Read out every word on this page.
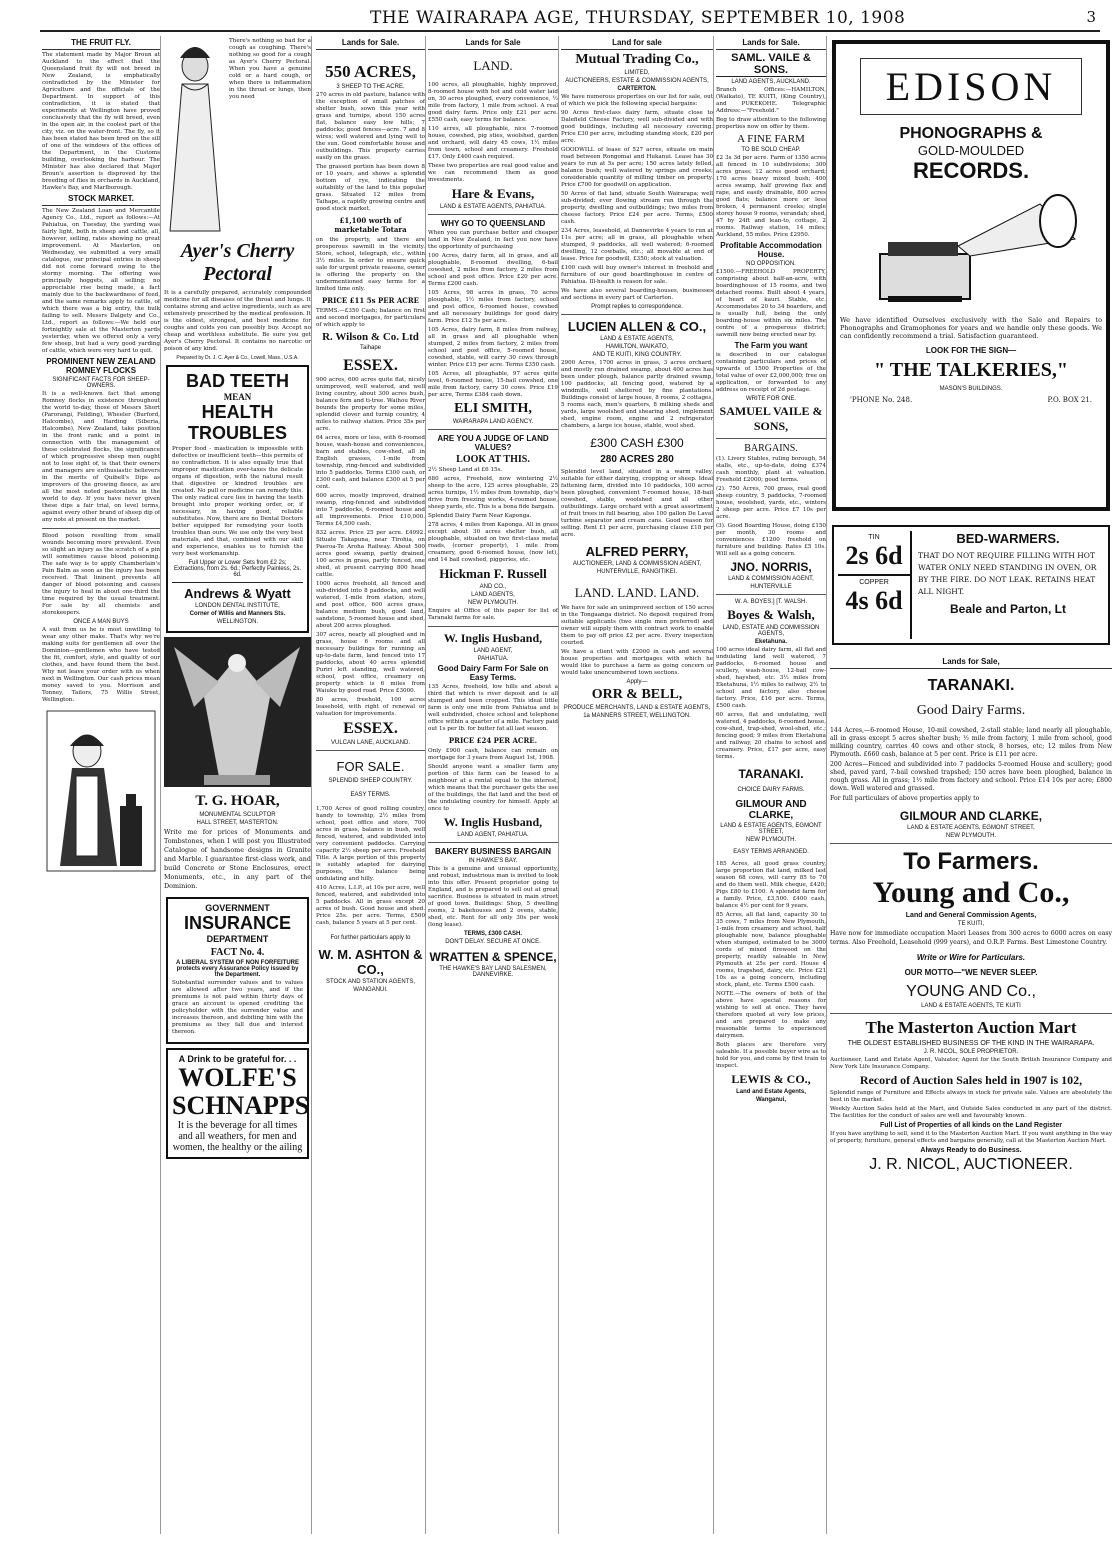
THE WAIRARAPA AGE, THURSDAY, SEPTEMBER 10, 1908	3
THE FRUIT FLY.
The statement made by Major Broun at Auckland to the effect that the Queensland fruit fly will not breed in New Zealand, is emphatically contradicted by the Minister for Agriculture and the officials of the Department. In support of this contradiction, it is stated that experiments at Wellington have proved conclusively that the fly will breed, even in the open air, in the coolest part of the city, viz. on the water-front. The fly, so it has been stated has been bred on the sill of one of the windows of the offices of the Department, in the Customs building, overlooking the harbour. The Minister has also declared that Major Broun's assertion is disproved by the breeding of flies in orchards in Auckland, Hawke's Bay, and Marlborough.
STOCK MARKET.
The New Zealand Loan and Mercantile Agency Co., Ltd., report as follows:—At Pahiatua, on Tuesday, the yarding was fairly light, both in sheep and cattle, all, however, selling, rates showing no great improvement. At Masterton, on Wednesday, we submitted a very small catalogue, our principal entries in sheep did not come forward owing to the stormy morning. The offering was principally hoggets, all selling; no appreciable rise being made, a fact mainly due to the backwardness of feed, and the same remarks apply to cattle, of which there was a big entry, the bulk failing to sell. Messrs Dalgety and Co., Ltd., report as follows:—We held our fortnightly sale at the Masterton yards yesterday, when we offered only a very few sheep, but had a very good yarding of cattle, which were very hard to quit.
PROMINENT NEW ZEALAND ROMNEY FLOCKS
SIGNIFICANT FACTS FOR SHEEP-OWNERS.
It is a well-known fact that among Romney flocks in existence throughout the world to-day, those of Messrs Short (Parorangi, Feilding), Wheeler (Burford, Halcombe), and Harding (Siberia, Halcombe), New Zealand, take position in the front rank; and a point in connection with the management of these celebrated flocks, the significance of which progressive sheep men ought not to lose sight of, is that their owners and managers are enthusiastic believers in the merits of Quibell's Dips as improvers of the growing fleece, as are all the most noted pastoralists in the world to day. If you have never given these dips a fair trial, on level terms, against every other brand of sheep dip of any note at present on the market.
Blood poison resulting from small wounds becoming more prevalent. Even so slight an injury as the scratch of a pin will sometimes cause blood poisoning. The safe way is to apply Chamberlain's Pain Balm as soon as the injury has been received. That lininent prevents all danger of blood poisoning and causes the injury to heal in about one-third the time required by the usual treatment. For sale by all chemists and storekeepers.
ONCE A MAN BUYS
A suit from us he is most unwilling to wear any other make. That's why we're making suits for gentlemen all over the Dominion—gentlemen who have tested the fit, comfort, style, and quality of our clothes, and have found them the best. Why not leave your order with us when next in Wellington. Our cash prices mean money saved to you. Morrison and Tonney, Tailors, 75 Willis Street, Wellington.
There's nothing so bad for a cough as coughing. There's nothing so good for a cough as Ayer's Cherry Pectoral. When you have a genuine cold or a hard cough, or when there is inflammation in the throat or lungs, then you need
Ayer's Cherry Pectoral
It is a carefully prepared, accurately compounded medicine for all diseases of the throat and lungs. It contains strong and active ingredients, such as are extensively prescribed by the medical profession. It is the oldest, strongest, and best medicine for coughs and colds you can possibly buy. Accept no cheap and worthless substitute. Be sure you get Ayer's Cherry Pectoral. It contains no narcotic or poison of any kind.
Prepared by Dr. J. C. Ayer & Co., Lowell, Mass., U.S.A.
BAD TEETH
MEAN
HEALTH
TROUBLES
Proper food - mastication is impossible with defective or insufficient teeth—this permits of no contradiction. It is also equally true that improper mastication over-taxes the delicate organs of digestion, with the natural result that digestive or kindred troubles are created. No pull or medicine can remedy this. The only radical cure lies in having the teeth brought into proper working order, or, if necessary, in having good, reliable substitutes. Now, there are no Dental Doctors better equipped for remedying your tooth troubles than ours. We use only the very best materials, and that, combined with our skill and experience, enables us to furnish the very best workmanship.
Full Upper or Lower Sets from £2 2s; Extractions, from 2s. 6d.; Perfectly Painless, 2s. 6d.
Andrews & Wyatt
LONDON DENTAL INSTITUTE,
Corner of Willis and Manners Sts.
WELLINGTON.
T. G. HOAR,
MONUMENTAL SCULPTOR
HALL STREET, MASTERTON.
Write me for prices of Monuments and Tombstones, when I will post you Illustrated Catalogue of handsome designs in Granite and Marble. I guarantee first-class work, and build Concrete or Stone Enclosures, erect Monuments, etc., in any part of the Dominion.
GOVERNMENT
INSURANCE
DEPARTMENT
FACT No. 4.
A LIBERAL SYSTEM OF NON FORFEITURE protects every Assurance Policy issued by the Department.
Substantial surrender values and to values are allowed after two years, and if the premiums is not paid within thirty days of grace an account is opened crediting the policyholder with the surrender value and increases thereon, and debiting him with the premiums as they fall due and interest thereon.
A Drink to be grateful for. . .
WOLFE'S SCHNAPPS
It is the beverage for all times and all weathers, for men and women, the healthy or the ailing
Lands for Sale.
550 ACRES,
3 SHEEP TO THE ACRE.
270 acres in old pasture, balance with the exception of small patches of shelter bush, sown this year with grass and turnips, about 150 acres flat, balance easy low hills; 7 paddocks; good fences—acre. 7 and 8 wires; well watered and lying well to the sun. Good comfortable house and outbuildings. This property carries easily on the grass.
The grassed portion has been down 8 or 10 years, and shows a splendid bottom of rye, indicating the suitability of the land to this popular grass. Situated 12 miles from Taihape, a rapidly growing centre and good stock market.
£1,100 worth of marketable Totara
on the property, and there are prosperous sawmill in the vicinity. Store, school, telegraph, etc., within 3½ miles. In order to ensure quick sale for urgent private reasons, owner is offering the property on the undermentioned easy terms for a limited time only.
PRICE £11 5s PER ACRE
TERMS.—£350 Cash; balance on first and second mortgages, for particulars of which apply to
R. Wilson & Co. Ltd
Taihape
ESSEX.
900 acres, 600 acres quite flat, nicely unimproved, well watered, and well living country, about 300 acres bush, balance fern and ti-tree. Waihou River bounds the property for some miles, splendid clover and turnip country, 4 miles to railway station. Price 35s per acre.
64 acres, more or less, with 6-roomed house, wash-house and conveniences, barn and stables, cow-shed, all in English grasses, 1-mile from township, ring-fenced and subdivided into 5 paddocks. Terms £300 cash, or £300 cash, and balance £300 at 5 per cent.
600 acres, mostly improved, drained swamp, ring-fenced and subdivided into 7 paddocks, 6-roomed house and all improvements. Price £10,000. Terms £4,500 cash.
832 acres. Price 25 per acre. £4992. Situate Takapuna, near Tirohia, on Paeroa-Te Aroha Railway. About 500 acres good swamp, partly drained, 100 acres in grass, partly fenced, one shed, at present carrying 800 head cattle.
1000 acres freehold, all fenced and sub-divided into 8 paddocks, and well watered, 1-mile from station, store, and post office, 600 acres grass, balance medium bush, good land, sandstone, 5-roomed house and shed, about 200 acres ploughed.
307 acres, nearly all ploughed and in grass, house 6 rooms and all necessary buildings for running an up-to-date farm, land fenced into 17 paddocks, about 40 acres splendid Puriri left standing, well watered, school, post office, creamery on property which is 6 miles from Waiuku by good road. Price £3000.
80 acres, freehold, 100 acres leasehold, with right of renewal or valuation for improvements.
ESSEX.
VULCAN LANE, AUCKLAND.
FOR SALE.
SPLENDID SHEEP COUNTRY.
EASY TERMS.
1,700 Acres of good rolling country, handy to township, 2½ miles from school, post office and store, 700 acres in grass, balance in bush, well fenced, watered, and subdivided into very convenient paddocks. Carrying capacity 2½ sheep per acre. Freehold Title. A large portion of this property is suitably adapted for dairying purposes, the balance being undulating and hilly.
410 Acres, L.I.P., at 10s per acre, well fenced, watered, and subdivided into 5 paddocks. All in grass except 20 acres of bush. Good house and shed. Price 25s. per acre. Terms, £500 cash, balance 5 years at 5 per cent.
For further particulars apply to
W. M. ASHTON & CO.,
STOCK AND STATION AGENTS,
WANGANUI.
Lands for Sale
LAND.
100 acres, all ploughable, highly improved, 8-roomed house with hot and cold water laid on, 30 acres ploughed, every convenience, ½ mile from factory, 1 mile from school. A real good dairy farm. Price only £21 per acre. £550 cash, easy terms for balance.
110 acres, all ploughable, nice 7-roomed house, cowshed, pig sties, woolshed, garden and orchard, will dairy 45 cows, 1½ miles from town, school and creamery. Freehold £17. Only £400 cash required.
These two properties are real good value and we can recommend them as good investments.
Hare & Evans,
LAND & ESTATE AGENTS, PAHIATUA.
WHY GO TO QUEENSLAND
When you can purchase better and cheaper land in New Zealand, in fact you now have the opportunity of purchasing
100 Acres, dairy farm, all in grass, and all ploughable, 8-roomed dwelling, 6-bail cowshed, 2 miles from factory, 2 miles from school and post office. Price £20 per acre. Terms £200 cash.
105 Acres, 98 acres in grass, 70 acres ploughable, 1½ miles from factory, school and post office, 6-roomed house, cowshed and all necessary buildings for good dairy farm. Price £12 5s per acre.
105 Acres, dairy farm, 8 miles from railway, all in grass and all ploughable when stumped, 2 miles from factory, 2 miles from school and post office, 5-roomed house, cowshed, stable, will carry 30 cows through winter. Price £15 per acre. Terms £350 cash.
105 Acres, all ploughable, 97 acres quite level, 6-roomed house, 15-bail cowshed, one mile from factory, carry 30 cows. Price £19 per acre, Terms £384 cash down.
ELI SMITH,
WAIRARAPA LAND AGENCY.
ARE YOU A JUDGE OF LAND VALUES?
LOOK AT THIS.
2½ Sheep Land at £6 15s.
680 acres, Freehold, now wintering 2½ sheep to the acre, 125 acres ploughable, 25 acres turnips, 1½ miles from township, day's drive from freezing works, 4-roomed house, sheep yards, etc. This is a bona fide bargain.
Splendid Dairy Farm Near Kaponga.
278 acres, 4 miles from Kaponga. All in grass except about 30 acres shelter bush, all ploughable, situated on two first-class metal roads, (corner property), 1 mile from creamery, good 6-roomed house, (now let), and 14 bail cowshed, piggeries, etc.
Hickman F. Russell
AND CO.,
LAND AGENTS,
NEW PLYMOUTH.
Enquire at Office of this paper for list of Taranaki farms for sale.
W. Inglis Husband,
LAND AGENT,
PAHIATUA.
Good Dairy Farm For Sale on Easy Terms.
135 Acres, freehold, low hills and about a third flat which is river deposit and is all stumped and been cropped. This ideal little farm is only one mile from Pahiatua and is well subdivided, choice school and telephone office within a quarter of a mile. Factory paid out 1s per lb. for butter fat all last season.
PRICE £24 PER ACRE.
Only £900 cash, balance can remain on mortgage for 3 years from August 1st, 1908.
Should anyone want a smaller farm any portion of this farm can be leased to a neighbour at a rental equal to the interest, which means that the purchaser gets the use of the buildings, the flat land and the best of the undulating country for himself. Apply at once to
W. Inglis Husband,
LAND AGENT, PAHIATUA.
BAKERY BUSINESS BARGAIN
IN HAWKE'S BAY.
This is a genuine and unusual opportunity, and robust, industrious man is invited to look into this offer. Present proprietor going to England, and is prepared to sell out at great sacrifice. Business is situated in main street of good town. Buildings: Shop, 5 dwelling rooms, 2 bakehouses and 2 ovens, stable, shed, etc. Rent for all only 30s per week (long lease).
TERMS, £300 CASH.
DON'T DELAY. SECURE AT ONCE.
WRATTEN & SPENCE,
THE HAWKE'S BAY LAND SALESMEN, DANNEVIRKE.
Land for sale
Mutual Trading Co.,
LIMITED,
AUCTIONEERS, ESTATE & COMMISSION AGENTS,
CARTERTON.
We have numerous properties on our list for sale, out of which we pick the following special bargains:
90 Acres first-class dairy farm, situate close to Dalefield Cheese Factory, well sub-divided and with good buildings, including all necessary covering. Price £30 per acre, including standing stock, £20 per acre.
GOODWILL of lease of 527 acres, situate on main road between Rongomai and Hukanui. Lease has 30 years to run at 5s per acre; 150 acres lately felled, balance bush; well watered by springs and creeks; considerable quantity of milling timber on property. Price £700 for goodwill on application.
50 Acres of flat land, situate South Wairarapa; well sub-divided; ever flowing stream run through the property, dwelling and outbuildings; two miles from cheese factory. Price £24 per acre. Terms, £500 cash.
234 Acres, leasehold, at Dannevirke 4 years to run at 11s per acre; all in grass, all ploughable when stumped, 9 paddocks, all well watered; 6-roomed dwelling, 12 cowbails, etc.; all movable at end of lease. Price for goodwill, £350; stock at valuation.
£100 cash will buy owner's interest in freehold and furniture of our good boardinghouse in centre of Pahiatua. Ill-health is reason for sale.
We have also several boarding-houses, businesses and sections in every part of Carterton.
Prompt replies to correspondence.
LUCIEN ALLEN & CO.,
LAND & ESTATE AGENTS,
HAMILTON, WAIKATO,
AND TE KUITI, KING COUNTRY.
2900 Acres, 1700 acres in grass, 3 acres orchard, and mostly run drained swamp, about 400 acres has been under plough, balance partly drained swamp, 100 paddocks, all fencing good, watered by a windmills, well sheltered by fine plantations. Buildings consist of large house, 8 rooms, 2 cottages, 5 rooms each, men's quarters, 8 milking sheds and yards, large woolshed and shearing shed, implement shed, engine room, engine and 2 refrigerator chambers, a large ice house, stable, wool shed.
£300 CASH £300
280 ACRES 280
Splendid level land, situated in a warm valley, suitable for either dairying, cropping or sheep. Ideal fattening farm, divided into 10 paddocks, 100 acres been ploughed, convenient 7-roomed house, 18-bail cowshed, stable, woolshed and all other outbuildings. Large orchard with a great assortment of fruit trees in full bearing, also 100 gallon De Laval turbine separator and cream cans. Good reason for selling. Rent £1 per acre, purchasing clause £18 per acre.
ALFRED PERRY,
AUCTIONEER, LAND & COMMISSION AGENT,
HUNTERVILLE, RANGITIKEI.
LAND. LAND. LAND.
We have for sale an unimproved section of 150 acres in the Tongaanga district. No deposit required from suitable applicants (two single men preferred) and owner will supply them with contract work to enable them to pay off price £2 per acre. Every inspection courted.
We have a client with £2000 in cash and several house properties and mortgages with which he would like to purchase a farm as going concern or would take unencumbered town sections.
Apply—
ORR & BELL,
PRODUCE MERCHANTS, LAND & ESTATE AGENTS,
1a MANNERS STREET, WELLINGTON.
Lands for Sale.
SAML. VAILE & SONS.
LAND AGENTS, AUCKLAND.
Branch Offices:—HAMILTON, (Waikato), TE KUITI, (King Country), and PUKEKOHE. Telegraphic Address:—"Freehold."
Beg to draw attention to the following properties now on offer by them.
A FINE FARM
TO BE SOLD CHEAP.
£2 3s 3d per acre. Farm of 1350 acres all fenced in 10 subdivisions; 300 acres grass; 12 acres good orchard; 170 acres heavy mixed bush; 400 acres swamp, half growing flax and rape, and easily drainable, 800 acres good flats; balance more or less broken, 4 permanent creeks; single storey house 9 rooms, verandah; shed, 47 by 24ft and lean-to, cottage, 2 rooms. Railway station, 14 miles; Auckland, 55 miles. Price £2950.
Profitable Accommodation House.
NO OPPOSITION.
£1500.—FREEHOLD PROPERTY, comprising about half-an-acre, with boardinghouse of 15 rooms, and two detached rooms. Built about 4 years, of heart of kauri. Stable, etc. Accommodates 20 to 34 boarders, and is usually full, being the only boarding-house within six miles. The centre of a prosperous district; sawmill now being erected near by.
The Farm you want
is described in our catalogue containing particulars and prices of upwards of 1500 Properties of the total value of over £2,000,000; free on application, or forwarded to any address on receipt of 2d postage.
WRITE FOR ONE.
SAMUEL VAILE & SONS,
BARGAINS.
(1). Livery Stables, ruling borough, 54 stalls, etc., up-to-date, doing £374 cash monthly, plant at valuation. Freehold £2000; good terms.
(2). 750 Acres, 700 grass, real good sheep country, 5 paddocks, 7-roomed house, woolshed, yards, etc., winters 2 sheep per acre. Price £7 10s per acre.
(3). Good Boarding House, doing £150 per month, 30 rooms and conveniences £1200 freehold on furniture and building. Rates £5 10s. Will sell as a going concern.
JNO. NORRIS,
LAND & COMMISSION AGENT,
HUNTERVILLE
W. A. BOYES.] [T. WALSH.
Boyes & Walsh,
LAND, ESTATE AND COMMISSION AGENTS,
Eketahuna.
100 acres ideal dairy farm, all flat and undulating land well watered, 7 paddocks, 6-roomed house and scullery, wash-house, 12-bail cow-shed, hayshed, etc. 3½ miles from Eketahuna, 1½ miles to railway, 2½ to school and factory, also cheese factory. Price, £16 per acre. Terms, £500 cash.
60 acres, flat and undulating, well watered, 4 paddocks, 6-roomed house, cow-shed, trap-shed, wool-shed, etc.; fencing good; 9 miles from Eketahuna and railway, 20 chains to school and creamery. Price, £17 per acre, easy terms.
TARANAKI.
CHOICE DAIRY FARMS.
GILMOUR AND CLARKE,
LAND & ESTATE AGENTS, EGMONT STREET,
NEW PLYMOUTH.
EASY TERMS ARRANGED.
185 Acres, all good grass country, large proportion flat land, milked last season 68 cows, will carry 85 to 70 and do them well. Milk cheque, £420; Pigs £80 to £100. A splendid farm for a family. Price, £3,500. £400 cash, balance 4½ per cent for 9 years.
85 Acres, all flat land, capacity 30 to 35 cows, 7 miles from New Plymouth, 1-mile from creamery and school, half ploughable now, balance ploughable when stumped, estimated to be 3000 cords of mixed firewood on the property, readily saleable in New Plymouth at 25s per cord. House 4 rooms, trapshed, dairy, etc. Price £21 10s as a going concern, including stock, plant, etc. Terms £500 cash.
NOTE.—The owners of both of the above have special reasons for wishing to sell at once. They have therefore quoted at very low prices, and are prepared to make any reasonable terms to experienced dairymen.
Both places are therefore very saleable. If a possible buyer wire as to hold for you, and come by first train to inspect.
LEWIS & CO.,
Land and Estate Agents,
Wanganui,
EDISON
PHONOGRAPHS &
GOLD-MOULDED
RECORDS.
We have identified Ourselves exclusively with the Sale and Repairs to Phonographs and Gramophones for years and we handle only these goods. We can confidently recommend a trial. Satisfaction guaranteed.
LOOK FOR THE SIGN—
" THE TALKERIES,"
MASON'S BUILDINGS.
'PHONE No. 248.	P.O. BOX 21.
TIN
2s 6d
COPPER
4s 6d
BED-WARMERS.
THAT DO NOT REQUIRE FILLING WITH HOT WATER ONLY NEED STANDING IN OVEN, OR BY THE FIRE. DO NOT LEAK. RETAINS HEAT ALL NIGHT.
Beale and Parton, Lt
Lands for Sale,
TARANAKI.
Good Dairy Farms.
144 Acres,—6-roomed House, 10-mil cowshed, 2-stall stable; land nearly all ploughable, all in grass except 5 acres shelter bush; ½ mile from factory, 1 mile from school, good milking country, carries 40 cows and other stock, 8 horses, etc; 12 miles from New Plymouth. £660 cash, balance at 5 per cent. Price is £11 per acre.
200 Acres—Fenced and subdivided into 7 paddocks 5-roomed House and scullery; good shed, paved yard, 7-bail cowshed trapshed; 150 acres have been ploughed, balance in rough grass. All in grass; 1½ mile from factory and school. Price £14 10s per acre; £800 down. Well watered and grassed.
For full particulars of above properties apply to
GILMOUR AND CLARKE,
LAND & ESTATE AGENTS, EGMONT STREET,
NEW PLYMOUTH.
To Farmers.
Young and Co.,
Land and General Commission Agents,
TE KUITI,
Have now for immediate occupation Maori Leases from 300 acres to 6000 acres on easy terms. Also Freehold, Leasehold (999 years), and O.R.P. Farms. Best Limestone Country.
Write or Wire for Particulars.
OUR MOTTO—"WE NEVER SLEEP.
YOUNG AND Co.,
LAND & ESTATE AGENTS, TE KUITI
The Masterton Auction Mart
THE OLDEST ESTABLISHED BUSINESS OF THE KIND IN THE WAIRARAPA.
J. R. NICOL, SOLE PROPRIETOR.
Auctioneer, Land and Estate Agent, Valuator, Agent for the South British Insurance Company and New York Life Insurance Company.
Record of Auction Sales held in 1907 is 102,
Splendid range of Furniture and Effects always in stock for private sale. Values are absolutely the best in the market.
Weekly Auction Sales held at the Mart, and Outside Sales conducted in any part of the district. The facilities for the conduct of sales are well and favourably known.
Full List of Properties of all kinds on the Land Register
If you have anything to sell, send it to the Masterton Auction Mart. If you want anything in the way of property, furniture, general effects and bargains generally, call at the Masterton Auction Mart.
Always Ready to do Business.
J. R. NICOL, AUCTIONEER.
